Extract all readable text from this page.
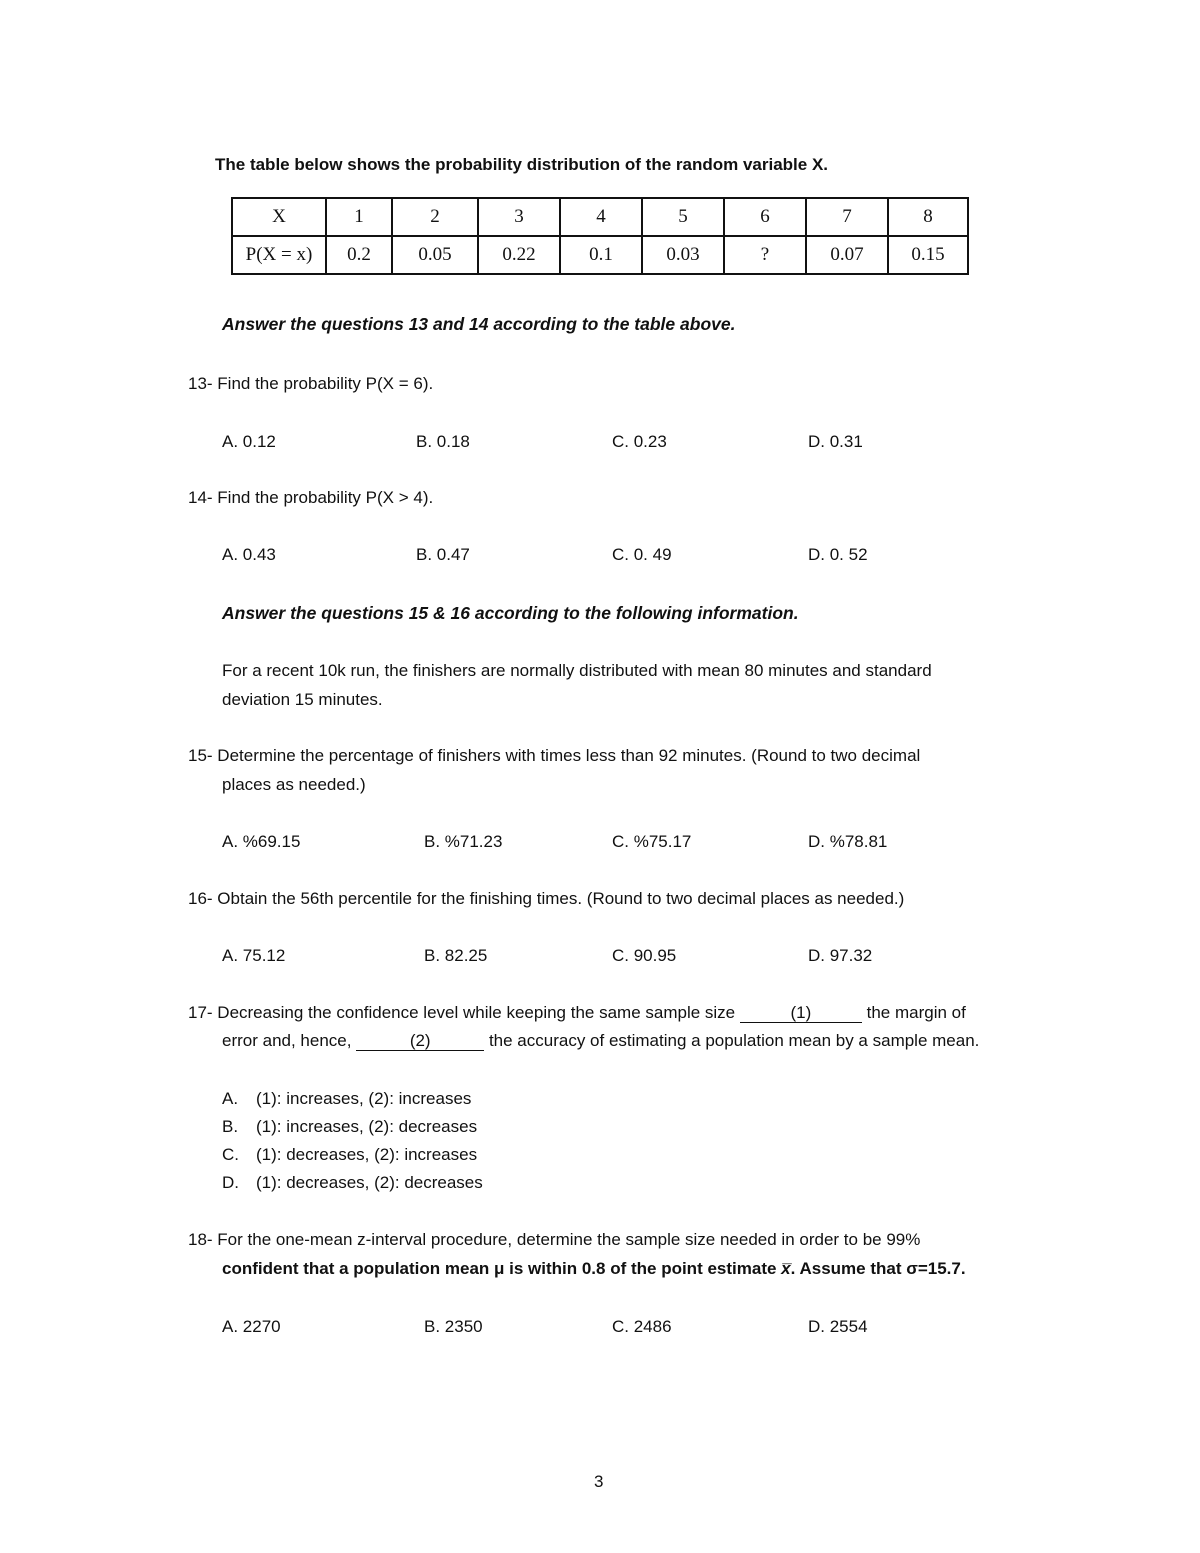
The table below shows the probability distribution of the random variable X.
X	1	2	3	4	5	6	7	8
P(X = x)	0.2	0.05	0.22	0.1	0.03	?	0.07	0.15
Answer the questions 13 and 14 according to the table above.
13- Find the probability P(X = 6).
A. 0.12	B. 0.18	C. 0.23	D. 0.31
14- Find the probability P(X > 4).
A. 0.43	B. 0.47	C. 0. 49	D. 0. 52
Answer the questions 15 & 16 according to the following information.
For a recent 10k run, the finishers are normally distributed with mean 80 minutes and standard
deviation 15 minutes.
15- Determine the percentage of finishers with times less than 92 minutes. (Round to two decimal
places as needed.)
A. %69.15	B. %71.23	C. %75.17	D. %78.81
16- Obtain the 56th percentile for the finishing times. (Round to two decimal places as needed.)
A. 75.12	B. 82.25	C. 90.95	D. 97.32
17- Decreasing the confidence level while keeping the same sample size	(1)	the margin of
error and, hence,	(2)	the accuracy of estimating a population mean by a sample mean.
A. (1): increases, (2): increases
B. (1): increases, (2): decreases
C. (1): decreases, (2): increases
D. (1): decreases, (2): decreases
18- For the one-mean z-interval procedure, determine the sample size needed in order to be 99%
confident that a population mean μ is within 0.8 of the point estimate x̅. Assume that σ=15.7.
A. 2270	B. 2350	C. 2486	D. 2554
3
